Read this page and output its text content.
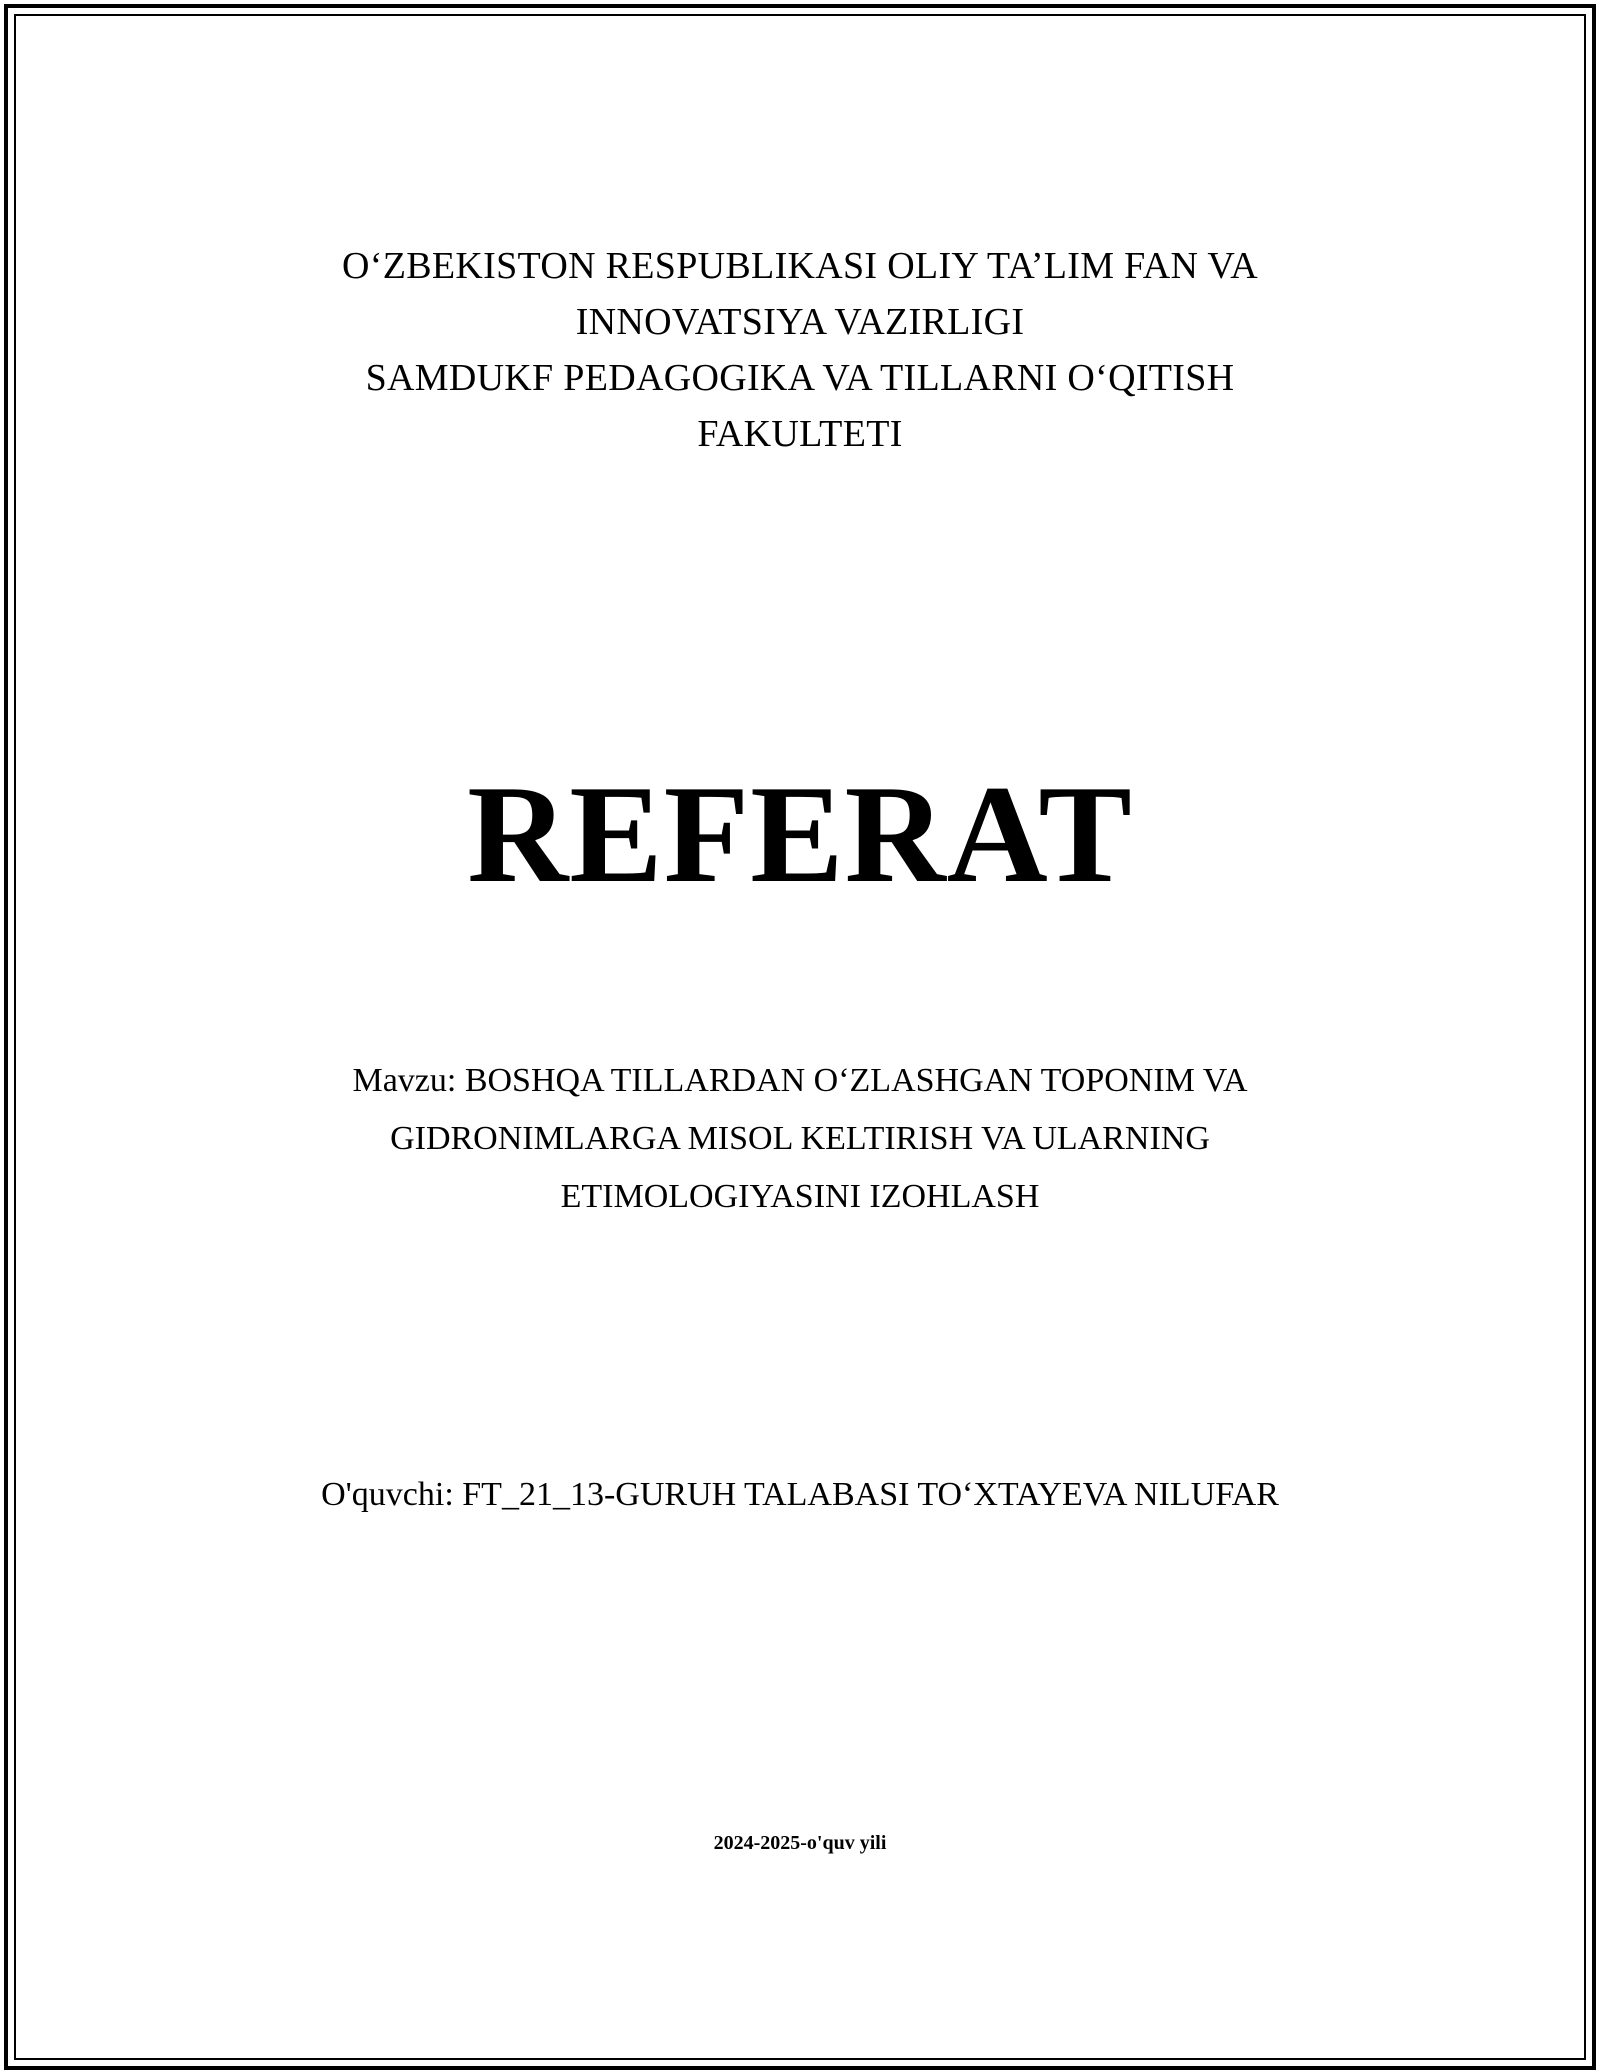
O‘ZBEKISTON RESPUBLIKASI OLIY TA’LIM FAN VA
INNOVATSIYA VAZIRLIGI
SAMDUKF PEDAGOGIKA VA TILLARNI O‘QITISH
FAKULTETI
REFERAT
Mavzu: BOSHQA TILLARDAN O‘ZLASHGAN TOPONIM VA
GIDRONIMLARGA MISOL KELTIRISH VA ULARNING
ETIMOLOGIYASINI IZOHLASH
O'quvchi: FT_21_13-GURUH TALABASI TO‘XTAYEVA NILUFAR
2024-2025-o'quv yili
